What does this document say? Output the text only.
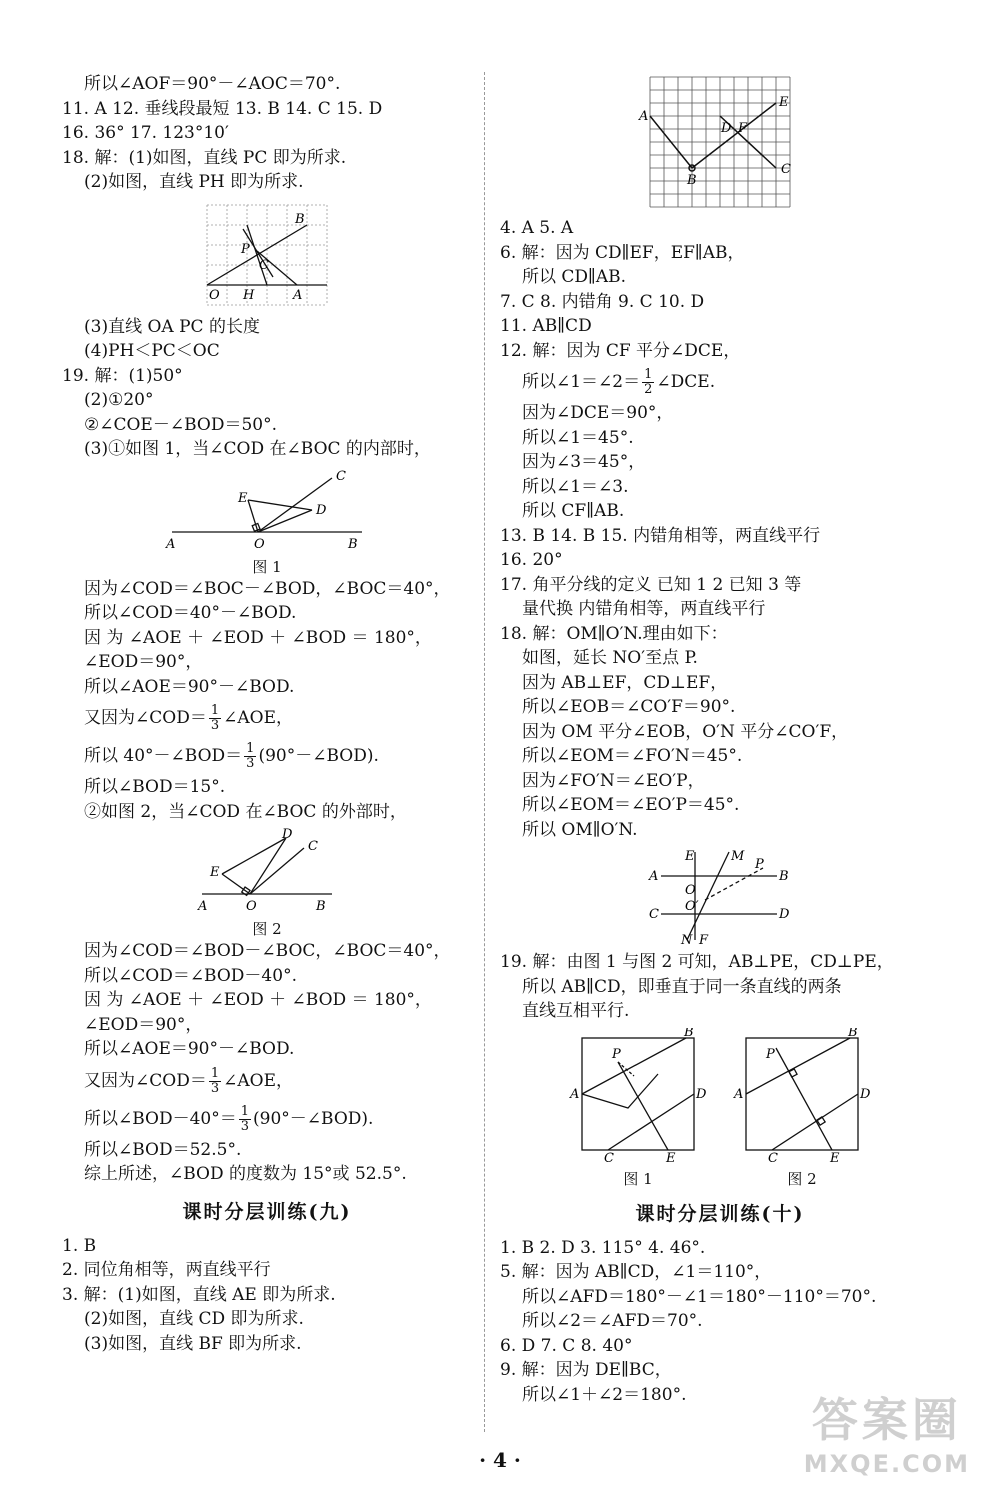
所以∠AOF＝90°－∠AOC＝70°.
11. A 12. 垂线段最短 13. B 14. C 15. D
16. 36° 17. 123°10′
18. 解：(1)如图，直线 PC 即为所求.
(2)如图，直线 PH 即为所求.
B
P
C
O H	A
(3)直线 OA PC 的长度
(4)PH＜PC＜OC
19. 解：(1)50°
(2)①20°
②∠COE－∠BOD＝50°.
(3)①如图 1，当∠COD 在∠BOC 的内部时，
C
D
E
A	O	B
图 1
因为∠COD＝∠BOC－∠BOD，∠BOC＝40°，
所以∠COD＝40°－∠BOD.
因 为 ∠AOE ＋ ∠EOD ＋ ∠BOD ＝ 180°，
∠EOD＝90°，
所以∠AOE＝90°－∠BOD.
又因为∠COD＝ $\frac{1}{3}$ ∠AOE，
所以 40°－∠BOD＝ $\frac{1}{3}$ (90°－∠BOD).
所以∠BOD＝15°.
②如图 2，当∠COD 在∠BOC 的外部时，
D
C
E
A	O	B
图 2
因为∠COD＝∠BOD－∠BOC，∠BOC＝40°，
所以∠COD＝∠BOD－40°.
因 为 ∠AOE ＋ ∠EOD ＋ ∠BOD ＝ 180°，
∠EOD＝90°，
所以∠AOE＝90°－∠BOD.
又因为∠COD＝ $\frac{1}{3}$ ∠AOE，
所以∠BOD－40°＝ $\frac{1}{3}$ (90°－∠BOD).
所以∠BOD＝52.5°.
综上所述，∠BOD 的度数为 15°或 52.5°.
课时分层训练(九)
1. B
2. 同位角相等，两直线平行
3. 解：(1)如图，直线 AE 即为所求.
(2)如图，直线 CD 即为所求.
(3)如图，直线 BF 即为所求.
A
B
C
D
E
F
4. A 5. A
6. 解：因为 CD∥EF，EF∥AB，
所以 CD∥AB.
7. C 8. 内错角 9. C 10. D
11. AB∥CD
12. 解：因为 CF 平分∠DCE，
所以∠1＝∠2＝ $\frac{1}{2}$ ∠DCE.
因为∠DCE＝90°，
所以∠1＝45°.
因为∠3＝45°，
所以∠1＝∠3.
所以 CF∥AB.
13. B 14. B 15. 内错角相等，两直线平行
16. 20°
17. 角平分线的定义 已知 1 2 已知 3 等
量代换 内错角相等，两直线平行
18. 解：OM∥O′N.理由如下：
如图，延长 NO′至点 P.
因为 AB⊥EF，CD⊥EF，
所以∠EOB＝∠CO′F＝90°.
因为 OM 平分∠EOB，O′N 平分∠CO′F，
所以∠EOM＝∠FO′N＝45°.
因为∠FO′N＝∠EO′P，
所以∠EOM＝∠EO′P＝45°.
所以 OM∥O′N.
A	B
C	D
E	M
P
O
O′
N F
19. 解：由图 1 与图 2 可知，AB⊥PE，CD⊥PE，
所以 AB∥CD，即垂直于同一条直线的两条
直线互相平行.
B
P
A	D
C	E
图 1
B
P
A	D
C	E
图 2
课时分层训练(十)
1. B 2. D 3. 115° 4. 46°.
5. 解：因为 AB∥CD，∠1＝110°，
所以∠AFD＝180°－∠1＝180°－110°＝70°.
所以∠2＝∠AFD＝70°.
6. D 7. C 8. 40°
9. 解：因为 DE∥BC，
所以∠1＋∠2＝180°.
· 4 ·
答案圈
MXQE.COM
